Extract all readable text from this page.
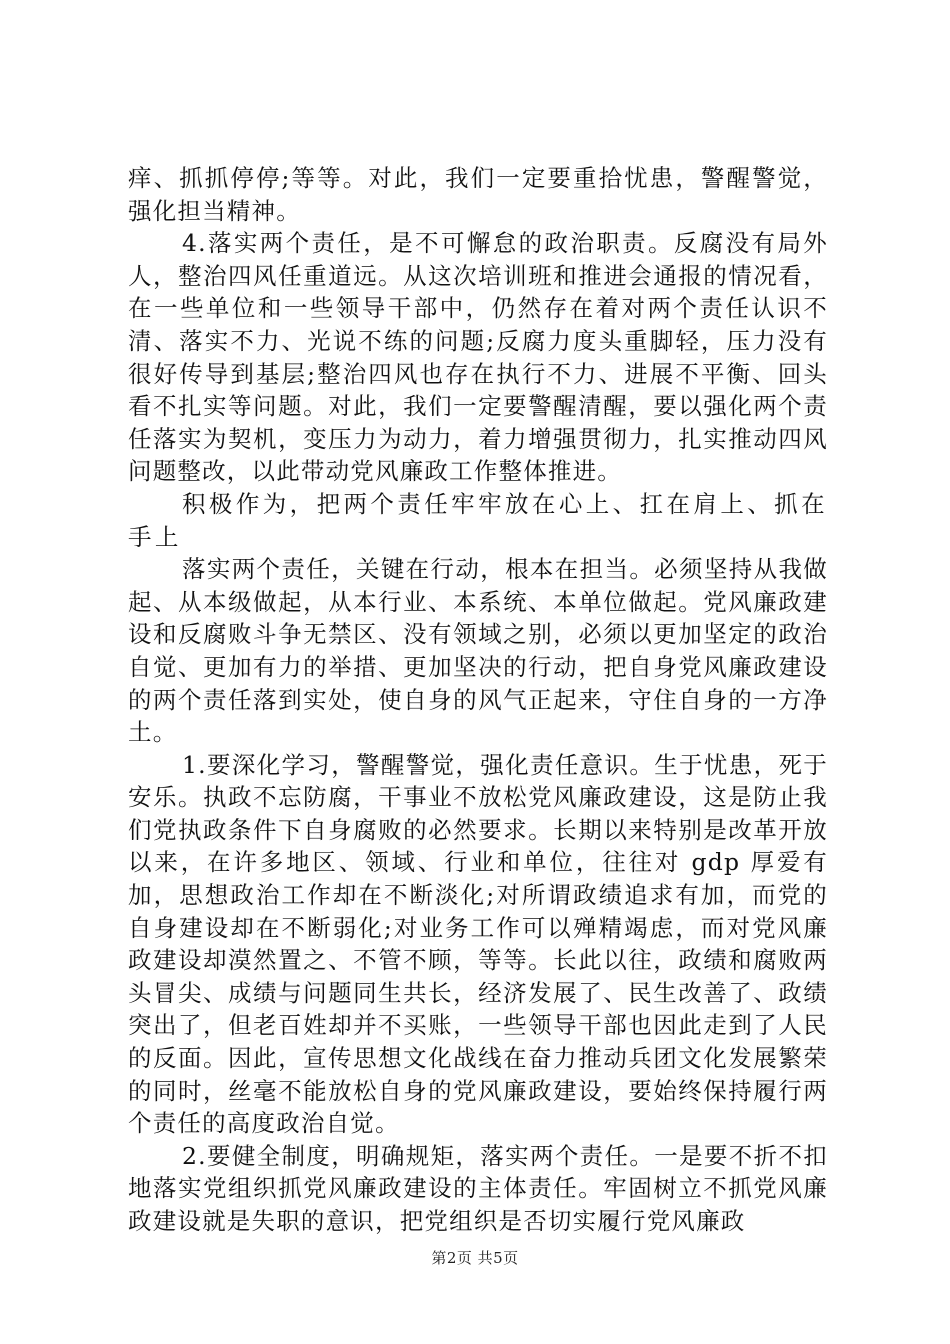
痒、抓抓停停;等等。对此，我们一定要重拾忧患，警醒警觉，强化担当精神。

4.落实两个责任，是不可懈怠的政治职责。反腐没有局外人，整治四风任重道远。从这次培训班和推进会通报的情况看，在一些单位和一些领导干部中，仍然存在着对两个责任认识不清、落实不力、光说不练的问题;反腐力度头重脚轻，压力没有很好传导到基层;整治四风也存在执行不力、进展不平衡、回头看不扎实等问题。对此，我们一定要警醒清醒，要以强化两个责任落实为契机，变压力为动力，着力增强贯彻力，扎实推动四风问题整改，以此带动党风廉政工作整体推进。

积极作为，把两个责任牢牢放在心上、扛在肩上、抓在手上

落实两个责任，关键在行动，根本在担当。必须坚持从我做起、从本级做起，从本行业、本系统、本单位做起。党风廉政建设和反腐败斗争无禁区、没有领域之别，必须以更加坚定的政治自觉、更加有力的举措、更加坚决的行动，把自身党风廉政建设的两个责任落到实处，使自身的风气正起来，守住自身的一方净土。

1.要深化学习，警醒警觉，强化责任意识。生于忧患，死于安乐。执政不忘防腐，干事业不放松党风廉政建设，这是防止我们党执政条件下自身腐败的必然要求。长期以来特别是改革开放以来，在许多地区、领域、行业和单位，往往对 gdp 厚爱有加，思想政治工作却在不断淡化;对所谓政绩追求有加，而党的自身建设却在不断弱化;对业务工作可以殚精竭虑，而对党风廉政建设却漠然置之、不管不顾，等等。长此以往，政绩和腐败两头冒尖、成绩与问题同生共长，经济发展了、民生改善了、政绩突出了，但老百姓却并不买账，一些领导干部也因此走到了人民的反面。因此，宣传思想文化战线在奋力推动兵团文化发展繁荣的同时，丝毫不能放松自身的党风廉政建设，要始终保持履行两个责任的高度政治自觉。

2.要健全制度，明确规矩，落实两个责任。一是要不折不扣地落实党组织抓党风廉政建设的主体责任。牢固树立不抓党风廉政建设就是失职的意识，把党组织是否切实履行党风廉政

第2页 共5页
